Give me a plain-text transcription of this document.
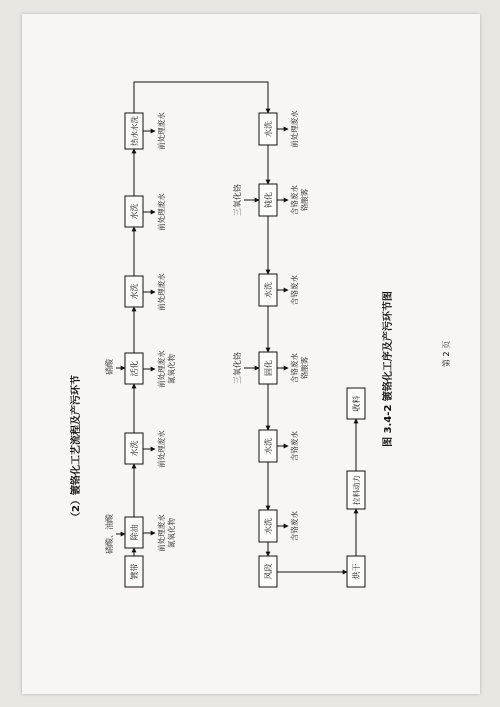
（2）镀铬化工艺流程及产污环节
硝酸、油酸
硝酸
镀带
除油
水洗
活化
水洗
水洗
热水水洗
前处理废水 氮氧化物
前处理废水
前处理废水 氮氧化物
前处理废水
前处理废水
前处理废水
三氧化铬
三氧化铬
水洗
钝化
水洗
固化
水洗
水洗
风段
前处理废水
含铬废水 铬酸雾
含铬废水
含铬废水 铬酸雾
含铬废水
含铬废水
烘干
拉料动力
收料 图 3.4-2 镀铬化工序及产污环节图	第 2 页
